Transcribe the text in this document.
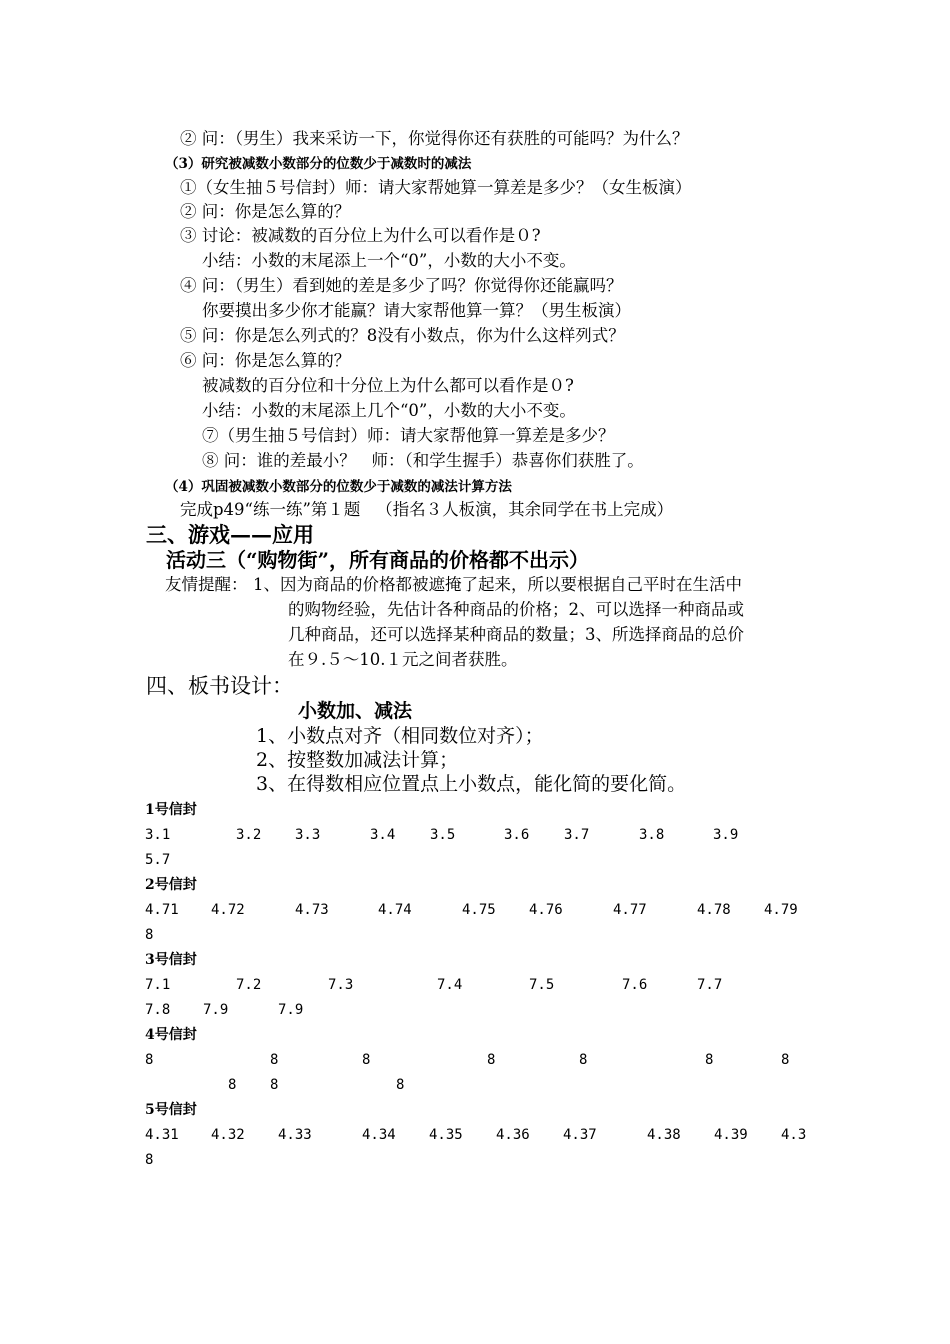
② 问：（男生）我来采访一下，你觉得你还有获胜的可能吗？为什么？
（3）研究被减数小数部分的位数少于减数时的减法
①（女生抽５号信封）师：请大家帮她算一算差是多少？（女生板演）
② 问：你是怎么算的？
③ 讨论：被减数的百分位上为什么可以看作是０?
小结：小数的末尾添上一个“0”，小数的大小不变。
④ 问：（男生）看到她的差是多少了吗？你觉得你还能赢吗？
你要摸出多少你才能赢？请大家帮他算一算？（男生板演）
⑤ 问：你是怎么列式的？8没有小数点，你为什么这样列式？
⑥ 问：你是怎么算的？
被减数的百分位和十分位上为什么都可以看作是０?
小结：小数的末尾添上几个“0”，小数的大小不变。
⑦（男生抽５号信封）师：请大家帮他算一算差是多少？
⑧ 问：谁的差最小？   师：（和学生握手）恭喜你们获胜了。
（4）巩固被减数小数部分的位数少于减数的减法计算方法
完成p49“练一练”第１题   （指名３人板演，其余同学在书上完成）
三、游戏——应用
活动三（“购物街”，所有商品的价格都不出示）
友情提醒： 1、因为商品的价格都被遮掩了起来，所以要根据自己平时在生活中
的购物经验，先估计各种商品的价格；2、可以选择一种商品或
几种商品，还可以选择某种商品的数量；3、所选择商品的总价
在９.５～10.１元之间者获胜。
四、板书设计：
小数加、减法
1、小数点对齐（相同数位对齐）；
2、按整数加减法计算；
3、在得数相应位置点上小数点，能化简的要化简。
1号信封
3.1	3.2 3.3	3.4 3.5	3.6 3.7	3.8	3.9
5.7
2号信封
4.71 4.72	4.73	4.74	4.75 4.76	4.77	4.78 4.79
8
3号信封
7.1	7.2	7.3	7.4	7.5	7.6	7.7
7.8 7.9	7.9
4号信封
8	8	8	8	8	8	8
8 8	8
5号信封
4.31 4.32 4.33	4.34 4.35 4.36 4.37	4.38 4.39 4.3
8
